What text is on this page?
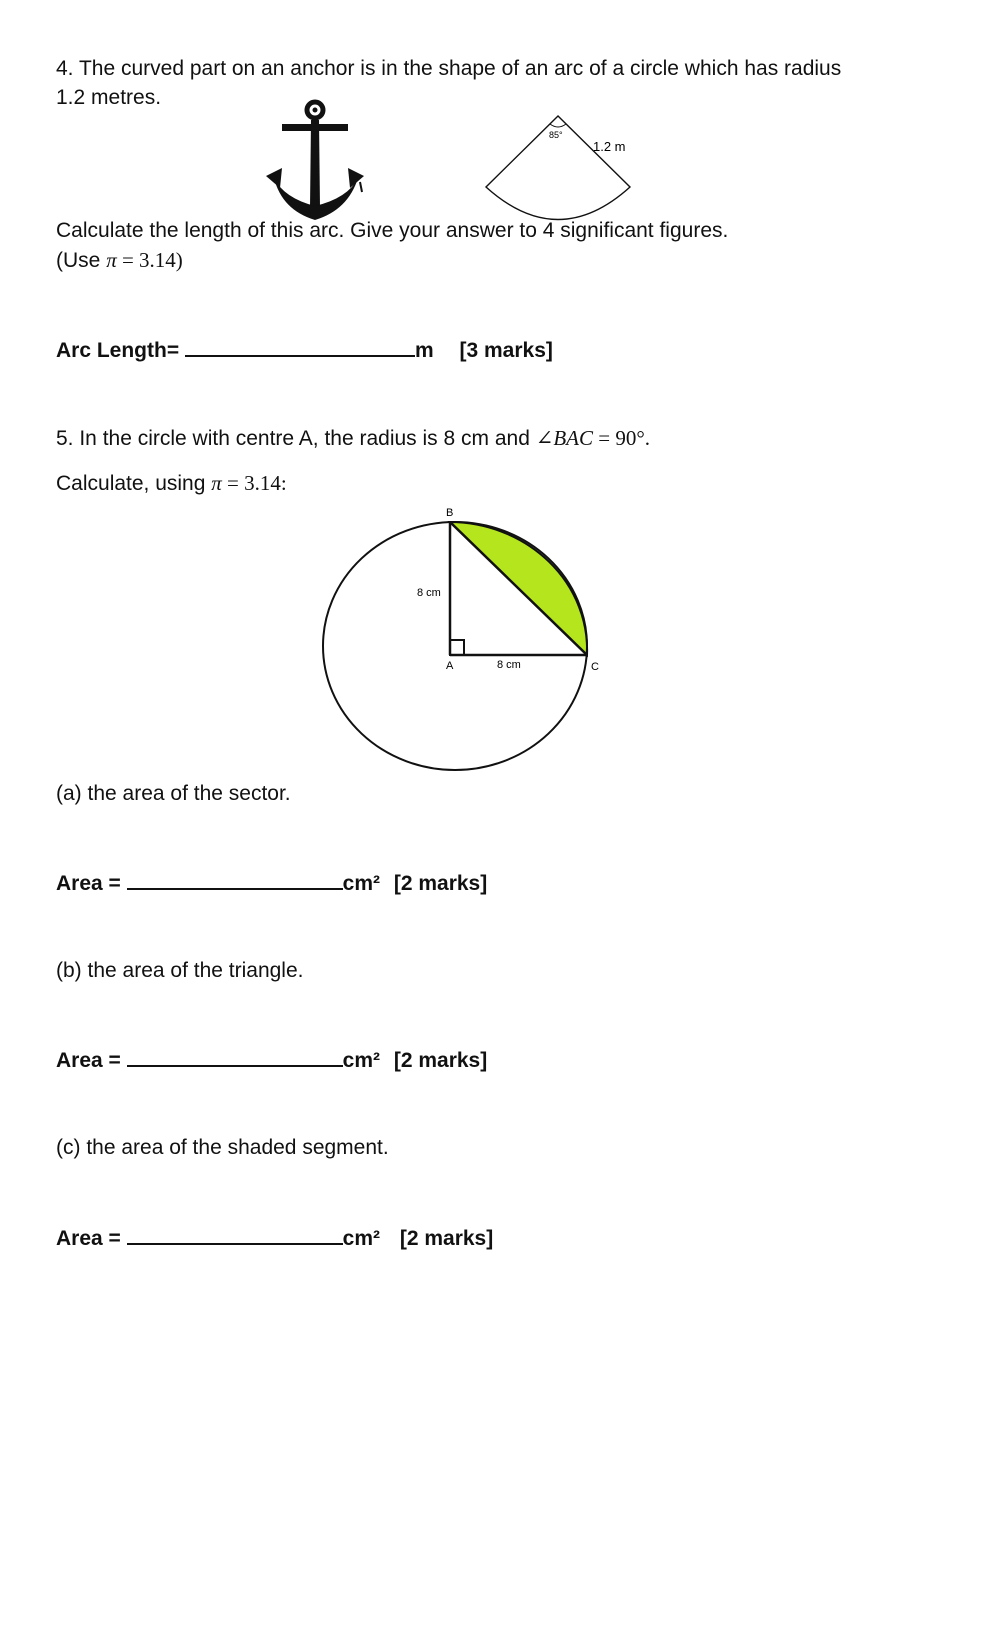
4. The curved part on an anchor is in the shape of an arc of a circle which has radius
1.2 metres.
85°
1.2 m
Calculate the length of this arc. Give your answer to 4 significant figures.
(Use π = 3.14)
Arc Length=	m [3 marks]
5. In the circle with centre A, the radius is 8 cm and ∠BAC = 90°.
Calculate, using π = 3.14:
B
A	C
8 cm
8 cm
(a) the area of the sector.
Area =	cm² [2 marks]
(b) the area of the triangle.
Area =	cm² [2 marks]
(c) the area of the shaded segment.
Area =	cm² [2 marks]
